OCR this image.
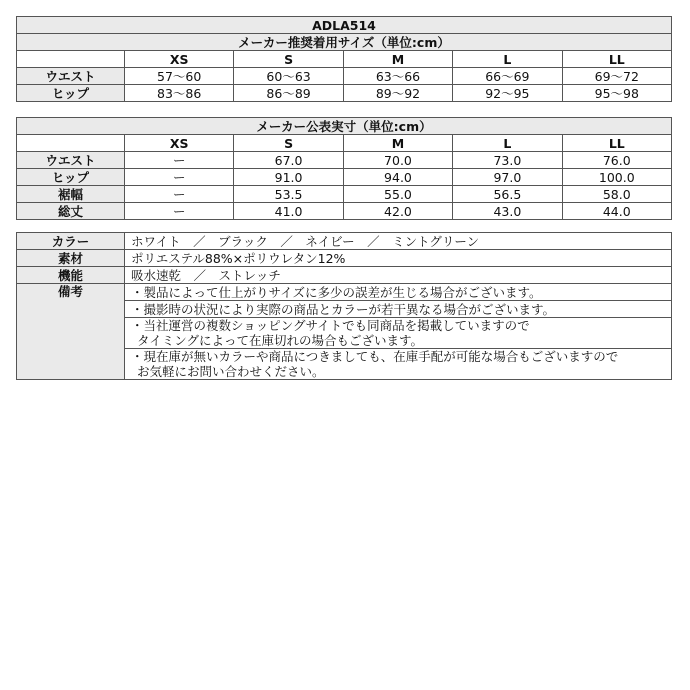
ADLA514					
メーカー推奨着用サイズ（単位:cm）					
	XS	S	M	L	LL
ウエスト	57～60	60～63	63～66	66～69	69～72
ヒップ	83～86	86～89	89～92	92～95	95～98
メーカー公表実寸（単位:cm）					
	XS	S	M	L	LL
ウエスト	ー	67.0	70.0	73.0	76.0
ヒップ	ー	91.0	94.0	97.0	100.0
裾幅	ー	53.5	55.0	56.5	58.0
総丈	ー	41.0	42.0	43.0	44.0
カラー	ホワイト　／　ブラック　／　ネイビー　／　ミントグリーン
素材	ポリエステル88%×ポリウレタン12%
機能	吸水速乾　／　ストレッチ
備考	・製品によって仕上がりサイズに多少の誤差が生じる場合がございます。

	・撮影時の状況により実際の商品とカラーが若干異なる場合がございます。

	・当社運営の複数ショッピングサイトでも同商品を掲載していますので
タイミングによって在庫切れの場合もございます。

	・現在庫が無いカラーや商品につきましても、在庫手配が可能な場合もございますので
お気軽にお問い合わせください。
